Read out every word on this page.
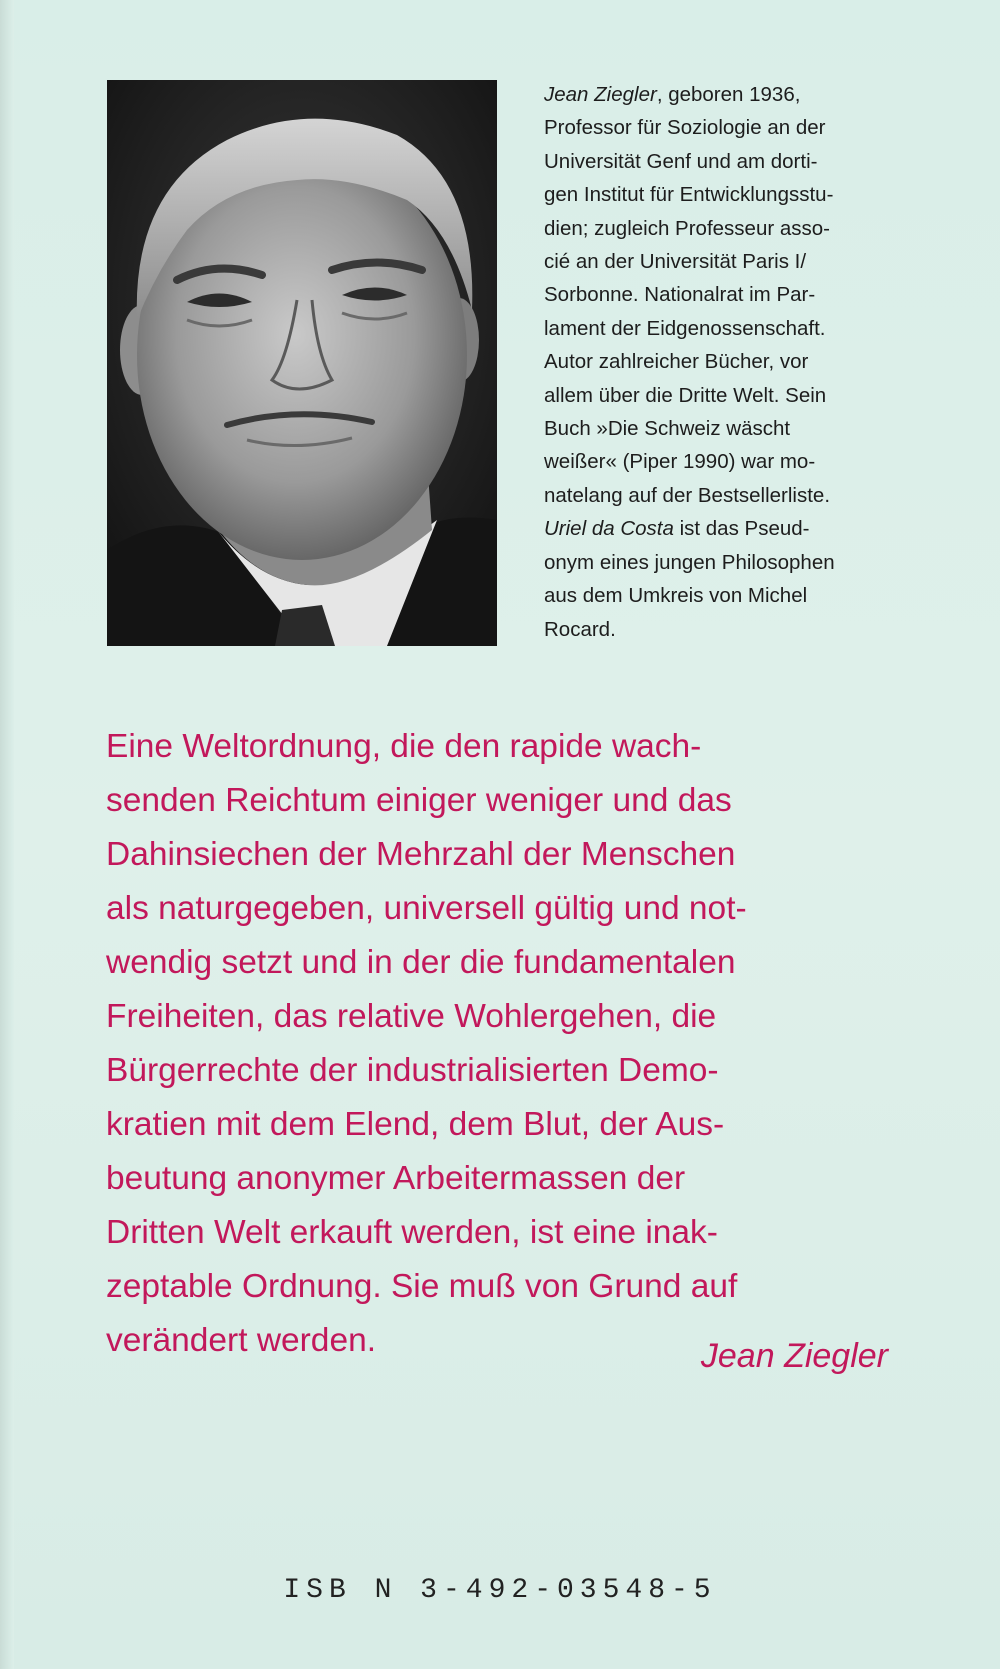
Jean Ziegler, geboren 1936,
Professor für Soziologie an der
Universität Genf und am dorti-
gen Institut für Entwicklungsstu-
dien; zugleich Professeur asso-
cié an der Universität Paris I/
Sorbonne. Nationalrat im Par-
lament der Eidgenossenschaft.
Autor zahlreicher Bücher, vor
allem über die Dritte Welt. Sein
Buch »Die Schweiz wäscht
weißer« (Piper 1990) war mo-
natelang auf der Bestsellerliste.
Uriel da Costa ist das Pseud-
onym eines jungen Philosophen
aus dem Umkreis von Michel
Rocard.
Eine Weltordnung, die den rapide wach-
senden Reichtum einiger weniger und das
Dahinsiechen der Mehrzahl der Menschen
als naturgegeben, universell gültig und not-
wendig setzt und in der die fundamentalen
Freiheiten, das relative Wohlergehen, die
Bürgerrechte der industrialisierten Demo-
kratien mit dem Elend, dem Blut, der Aus-
beutung anonymer Arbeitermassen der
Dritten Welt erkauft werden, ist eine inak-
zeptable Ordnung. Sie muß von Grund auf
verändert werden.	Jean Ziegler
ISB N 3-492-03548-5
